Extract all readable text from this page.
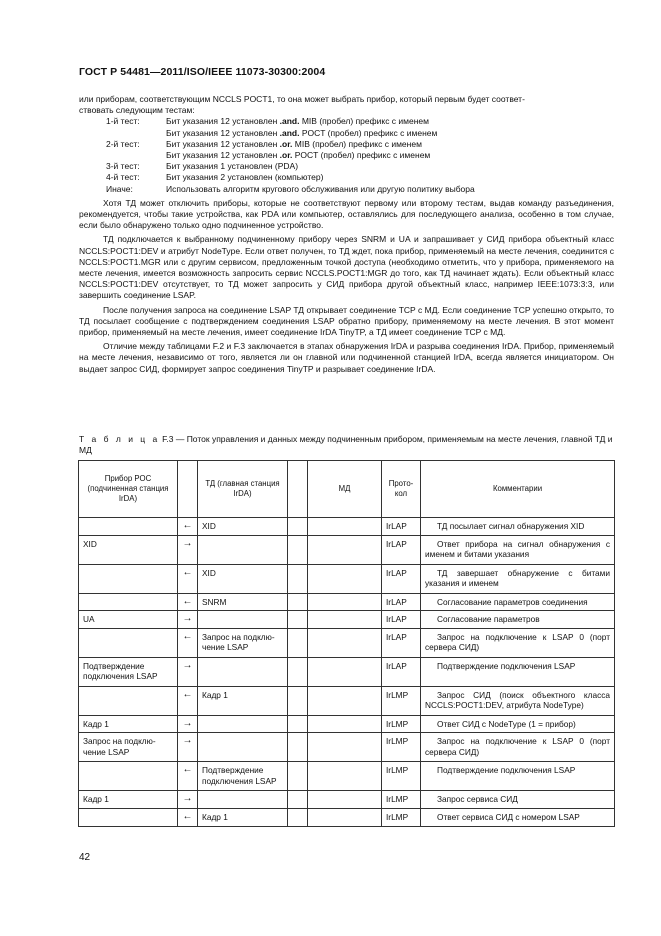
ГОСТ Р 54481—2011/ISO/IEEE 11073-30300:2004

или приборам, соответствующим NCCLS POCT1, то она может выбрать прибор, который первым будет соответ-

ствовать следующим тестам:

1-й тест:	Бит указания 12 установлен .and. MIB (пробел) префикс с именем
Бит указания 12 установлен .and. POCT (пробел) префикс с именем
2-й тест:	Бит указания 12 установлен .or. MIB (пробел) префикс с именем
Бит указания 12 установлен .or. POCT (пробел) префикс с именем
3-й тест:	Бит указания 1 установлен (PDA)
4-й тест:	Бит указания 2 установлен (компьютер)
Иначе:	Использовать алгоритм кругового обслуживания или другую политику выбора

Хотя ТД может отключить приборы, которые не соответствуют первому или второму тестам, выдав команду разъединения, рекомендуется, чтобы такие устройства, как PDA или компьютер, оставлялись для последующего анализа, особенно в том случае, если было обнаружено только одно подчиненное устройство.

ТД подключается к выбранному подчиненному прибору через SNRM и UA и запрашивает у СИД прибора объектный класс NCCLS:POCT1:DEV и атрибут NodeType. Если ответ получен, то ТД ждет, пока прибор, применяемый на месте лечения, соединится с NCCLS:POCT1.MGR или с другим сервисом, предложенным точкой доступа (необходимо отметить, что у прибора, применяемого на месте лечения, имеется возможность запросить сервис NCCLS.POCT1:MGR до того, как ТД начинает ждать). Если объектный класс NCCLS:POCT1:DEV отсутствует, то ТД может запросить у СИД прибора другой объектный класс, например IEEE:1073:3:3, или завершить соединение LSAP.

После получения запроса на соединение LSAP ТД открывает соединение TCP с МД. Если соединение TCP успешно открыто, то ТД посылает сообщение с подтверждением соединения LSAP обратно прибору, применяемому на месте лечения. В этот момент прибор, применяемый на месте лечения, имеет соединение IrDA TinyTP, а ТД имеет соединение TCP с МД.

Отличие между таблицами F.2 и F.3 заключается в этапах обнаружения IrDA и разрыва соединения IrDA. Прибор, применяемый на месте лечения, независимо от того, является ли он главной или подчиненной станцией IrDA, всегда является инициатором. Он выдает запрос СИД, формирует запрос соединения TinyTP и разрывает соединение IrDA.

Т а б л и ц а F.3 — Поток управления и данных между подчиненным прибором, применяемым на месте лечения, главной ТД и МД
Прибор POC (подчиненная станция IrDA)		ТД (главная станция IrDA)		МД	Прото-кол	Комментарии
	←	XID			IrLAP	ТД посылает сигнал обнаружения XID
XID	→				IrLAP	Ответ прибора на сигнал обнаружения с именем и битами указания
	←	XID			IrLAP	ТД завершает обнаружение с битами указания и именем
	←	SNRM			IrLAP	Согласование параметров соединения
UA	→				IrLAP	Согласование параметров
	←	Запрос на подклю-чение LSAP			IrLAP	Запрос на подключение к LSAP 0 (порт сервера СИД)
Подтверждение подключения LSAP	→				IrLAP	Подтверждение подключения LSAP
	←	Кадр 1			IrLMP	Запрос СИД (поиск объектного класса NCCLS:POCT1:DEV, атрибута NodeType)
Кадр 1	→				IrLMP	Ответ СИД с NodeType (1 = прибор)
Запрос на подклю-чение LSAP	→				IrLMP	Запрос на подключение к LSAP 0 (порт сервера СИД)
	←	Подтверждение подключения LSAP			IrLMP	Подтверждение подключения LSAP
Кадр 1	→				IrLMP	Запрос сервиса СИД
	←	Кадр 1			IrLMP	Ответ сервиса СИД с номером LSAP
42
